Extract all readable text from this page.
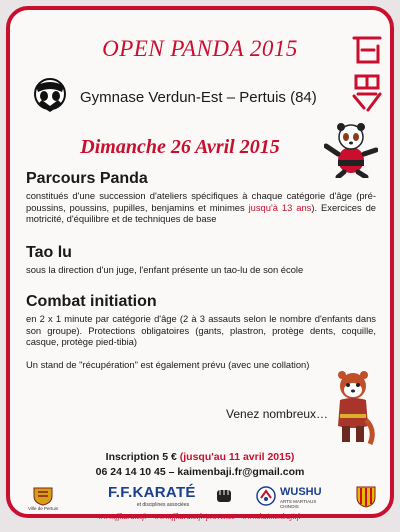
OPEN PANDA 2015
Gymnase Verdun-Est – Pertuis (84)
Dimanche 26 Avril 2015
Parcours Panda
constitués d'une succession d'ateliers spécifiques à chaque catégorie d'âge (pré-poussins, poussins, pupilles, benjamins et minimes jusqu'à 13 ans). Exercices de motricité, d'équilibre et de techniques de base
Tao lu
sous la direction d'un juge, l'enfant présente un tao-lu de son école
Combat initiation
en 2 x 1 minute par catégorie d'âge (2 à 3 assauts selon le nombre d'enfants dans son groupe). Protections obligatoires (gants, plastron, protège dents, coquille, casque, protège pied-tibia)
Un stand de "récupération" est également prévu (avec une collation)
Venez nombreux…
Inscription 5 € (jusqu'au 11 avril 2015)
06 24 14 10 45 – kaimenbaji.fr@gmail.com
Ville de Pertuis
F.F.KARATÉ
et disciplines associées
WUSHU
ARTS MARTIAUX CHINOIS
www.ffkarate.fr - www.ffkarate.fr/provence - www.kaimenbaji.fr
